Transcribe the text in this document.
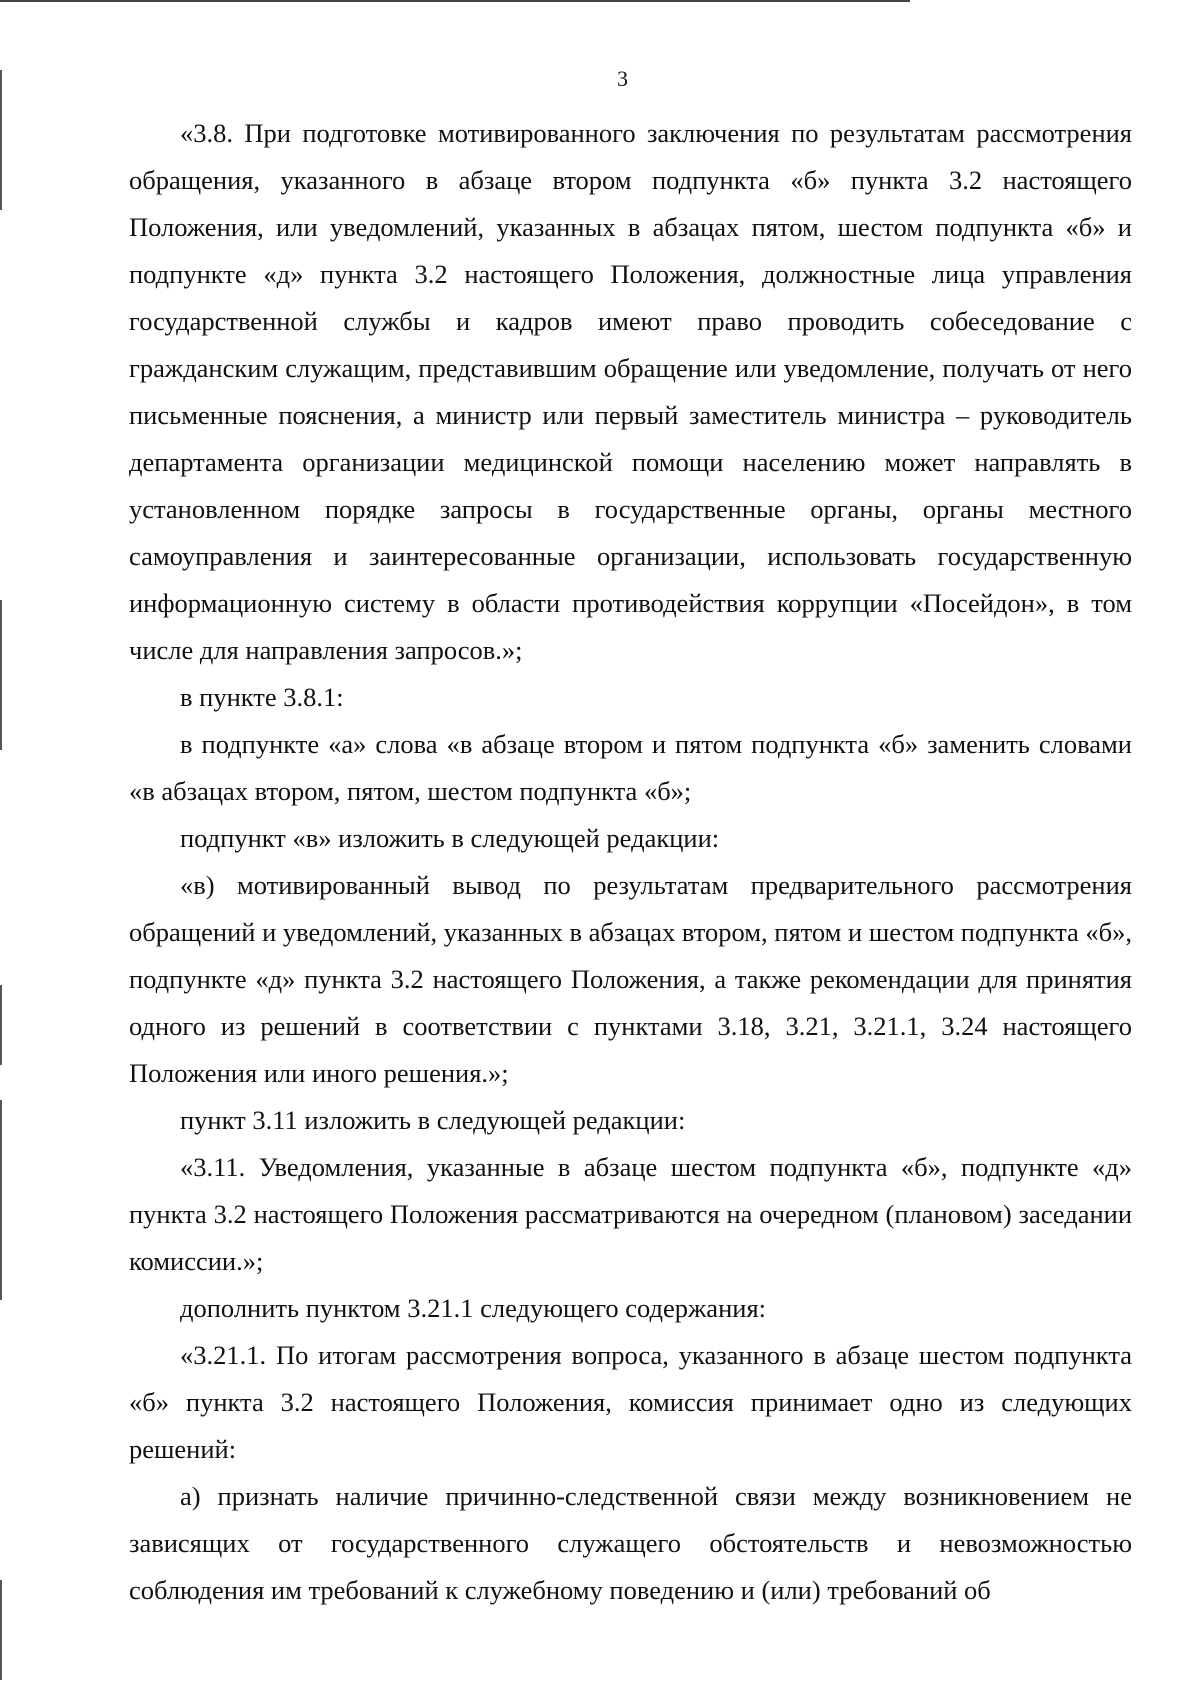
3

«3.8. При подготовке мотивированного заключения по результатам рассмотрения обращения, указанного в абзаце втором подпункта «б» пункта 3.2 настоящего Положения, или уведомлений, указанных в абзацах пятом, шестом подпункта «б» и подпункте «д» пункта 3.2 настоящего Положения, должностные лица управления государственной службы и кадров имеют право проводить собеседование с гражданским служащим, представившим обращение или уведомление, получать от него письменные пояснения, а министр или первый заместитель министра – руководитель департамента организации медицинской помощи населению может направлять в установленном порядке запросы в государственные органы, органы местного самоуправления и заинтересованные организации, использовать государственную информационную систему в области противодействия коррупции «Посейдон», в том числе для направления запросов.»;

в пункте 3.8.1:

в подпункте «а» слова «в абзаце втором и пятом подпункта «б» заменить словами «в абзацах втором, пятом, шестом подпункта «б»;

подпункт «в» изложить в следующей редакции:

«в) мотивированный вывод по результатам предварительного рассмотрения обращений и уведомлений, указанных в абзацах втором, пятом и шестом подпункта «б», подпункте «д» пункта 3.2 настоящего Положения, а также рекомендации для принятия одного из решений в соответствии с пунктами 3.18, 3.21, 3.21.1, 3.24 настоящего Положения или иного решения.»;

пункт 3.11 изложить в следующей редакции:

«3.11. Уведомления, указанные в абзаце шестом подпункта «б», подпункте «д» пункта 3.2 настоящего Положения рассматриваются на очередном (плановом) заседании комиссии.»;

дополнить пунктом 3.21.1 следующего содержания:

«3.21.1. По итогам рассмотрения вопроса, указанного в абзаце шестом подпункта «б» пункта 3.2 настоящего Положения, комиссия принимает одно из следующих решений:

а) признать наличие причинно-следственной связи между возникновением не зависящих от государственного служащего обстоятельств и невозможностью соблюдения им требований к служебному поведению и (или) требований об
